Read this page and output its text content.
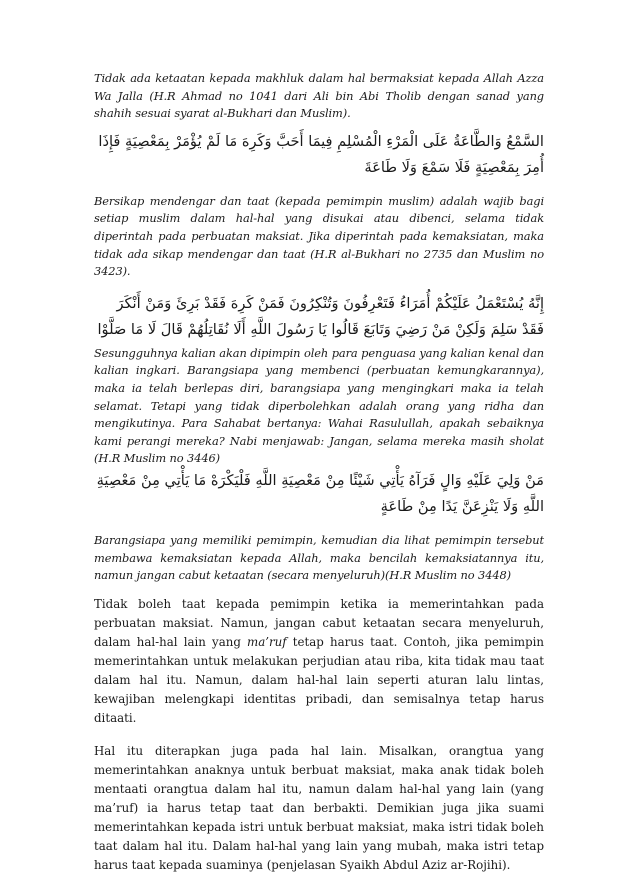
Tidak ada ketaatan kepada makhluk dalam hal bermaksiat kepada Allah Azza Wa Jalla (H.R Ahmad no 1041 dari Ali bin Abi Tholib dengan sanad yang shahih sesuai syarat al-Bukhari dan Muslim).

السَّمْعُ وَالطَّاعَةُ عَلَى الْمَرْءِ الْمُسْلِمِ فِيمَا أَحَبَّ وَكَرِهَ مَا لَمْ يُؤْمَرْ بِمَعْصِيَةٍ فَإِذَا أُمِرَ بِمَعْصِيَةٍ فَلَا سَمْعَ وَلَا طَاعَةَ

Bersikap mendengar dan taat (kepada pemimpin muslim) adalah wajib bagi setiap muslim dalam hal-hal yang disukai atau dibenci, selama tidak diperintah pada perbuatan maksiat. Jika diperintah pada kemaksiatan, maka tidak ada sikap mendengar dan taat (H.R al-Bukhari no 2735 dan Muslim no 3423).

إِنَّهُ يُسْتَعْمَلُ عَلَيْكُمْ أُمَرَاءُ فَتَعْرِفُونَ وَتُنْكِرُونَ فَمَنْ كَرِهَ فَقَدْ بَرِئَ وَمَنْ أَنْكَرَ فَقَدْ سَلِمَ وَلَكِنْ مَنْ رَضِيَ وَتَابَعَ قَالُوا يَا رَسُولَ اللَّهِ أَلَا نُقَاتِلُهُمْ قَالَ لَا مَا صَلَّوْا

Sesungguhnya kalian akan dipimpin oleh para penguasa yang kalian kenal dan kalian ingkari. Barangsiapa yang membenci (perbuatan kemungkarannya), maka ia telah berlepas diri, barangsiapa yang mengingkari maka ia telah selamat. Tetapi yang tidak diperbolehkan adalah orang yang ridha dan mengikutinya. Para Sahabat bertanya: Wahai Rasulullah, apakah sebaiknya kami perangi mereka? Nabi menjawab: Jangan, selama mereka masih sholat (H.R Muslim no 3446)

مَنْ وَلِيَ عَلَيْهِ وَالٍ فَرَآهُ يَأْتِي شَيْئًا مِنْ مَعْصِيَةِ اللَّهِ فَلْيَكْرَهْ مَا يَأْتِي مِنْ مَعْصِيَةِ اللَّهِ وَلَا يَنْزِعَنَّ يَدًا مِنْ طَاعَةٍ

Barangsiapa yang memiliki pemimpin, kemudian dia lihat pemimpin tersebut membawa kemaksiatan kepada Allah, maka bencilah kemaksiatannya itu, namun jangan cabut ketaatan (secara menyeluruh)(H.R Muslim no 3448)

Tidak boleh taat kepada pemimpin ketika ia memerintahkan pada perbuatan maksiat. Namun, jangan cabut ketaatan secara menyeluruh, dalam hal-hal lain yang ma’ruf tetap harus taat. Contoh, jika pemimpin memerintahkan untuk melakukan perjudian atau riba, kita tidak mau taat dalam hal itu. Namun, dalam hal-hal lain seperti aturan lalu lintas, kewajiban melengkapi identitas pribadi, dan semisalnya tetap harus ditaati.

Hal itu diterapkan juga pada hal lain. Misalkan, orangtua yang memerintahkan anaknya untuk berbuat maksiat, maka anak tidak boleh mentaati orangtua dalam hal itu, namun dalam hal-hal yang lain (yang ma’ruf) ia harus tetap taat dan berbakti. Demikian juga jika suami memerintahkan kepada istri untuk berbuat maksiat, maka istri tidak boleh taat dalam hal itu. Dalam hal-hal yang lain yang mubah, maka istri tetap harus taat kepada suaminya (penjelasan Syaikh Abdul Aziz ar-Rojihi).
